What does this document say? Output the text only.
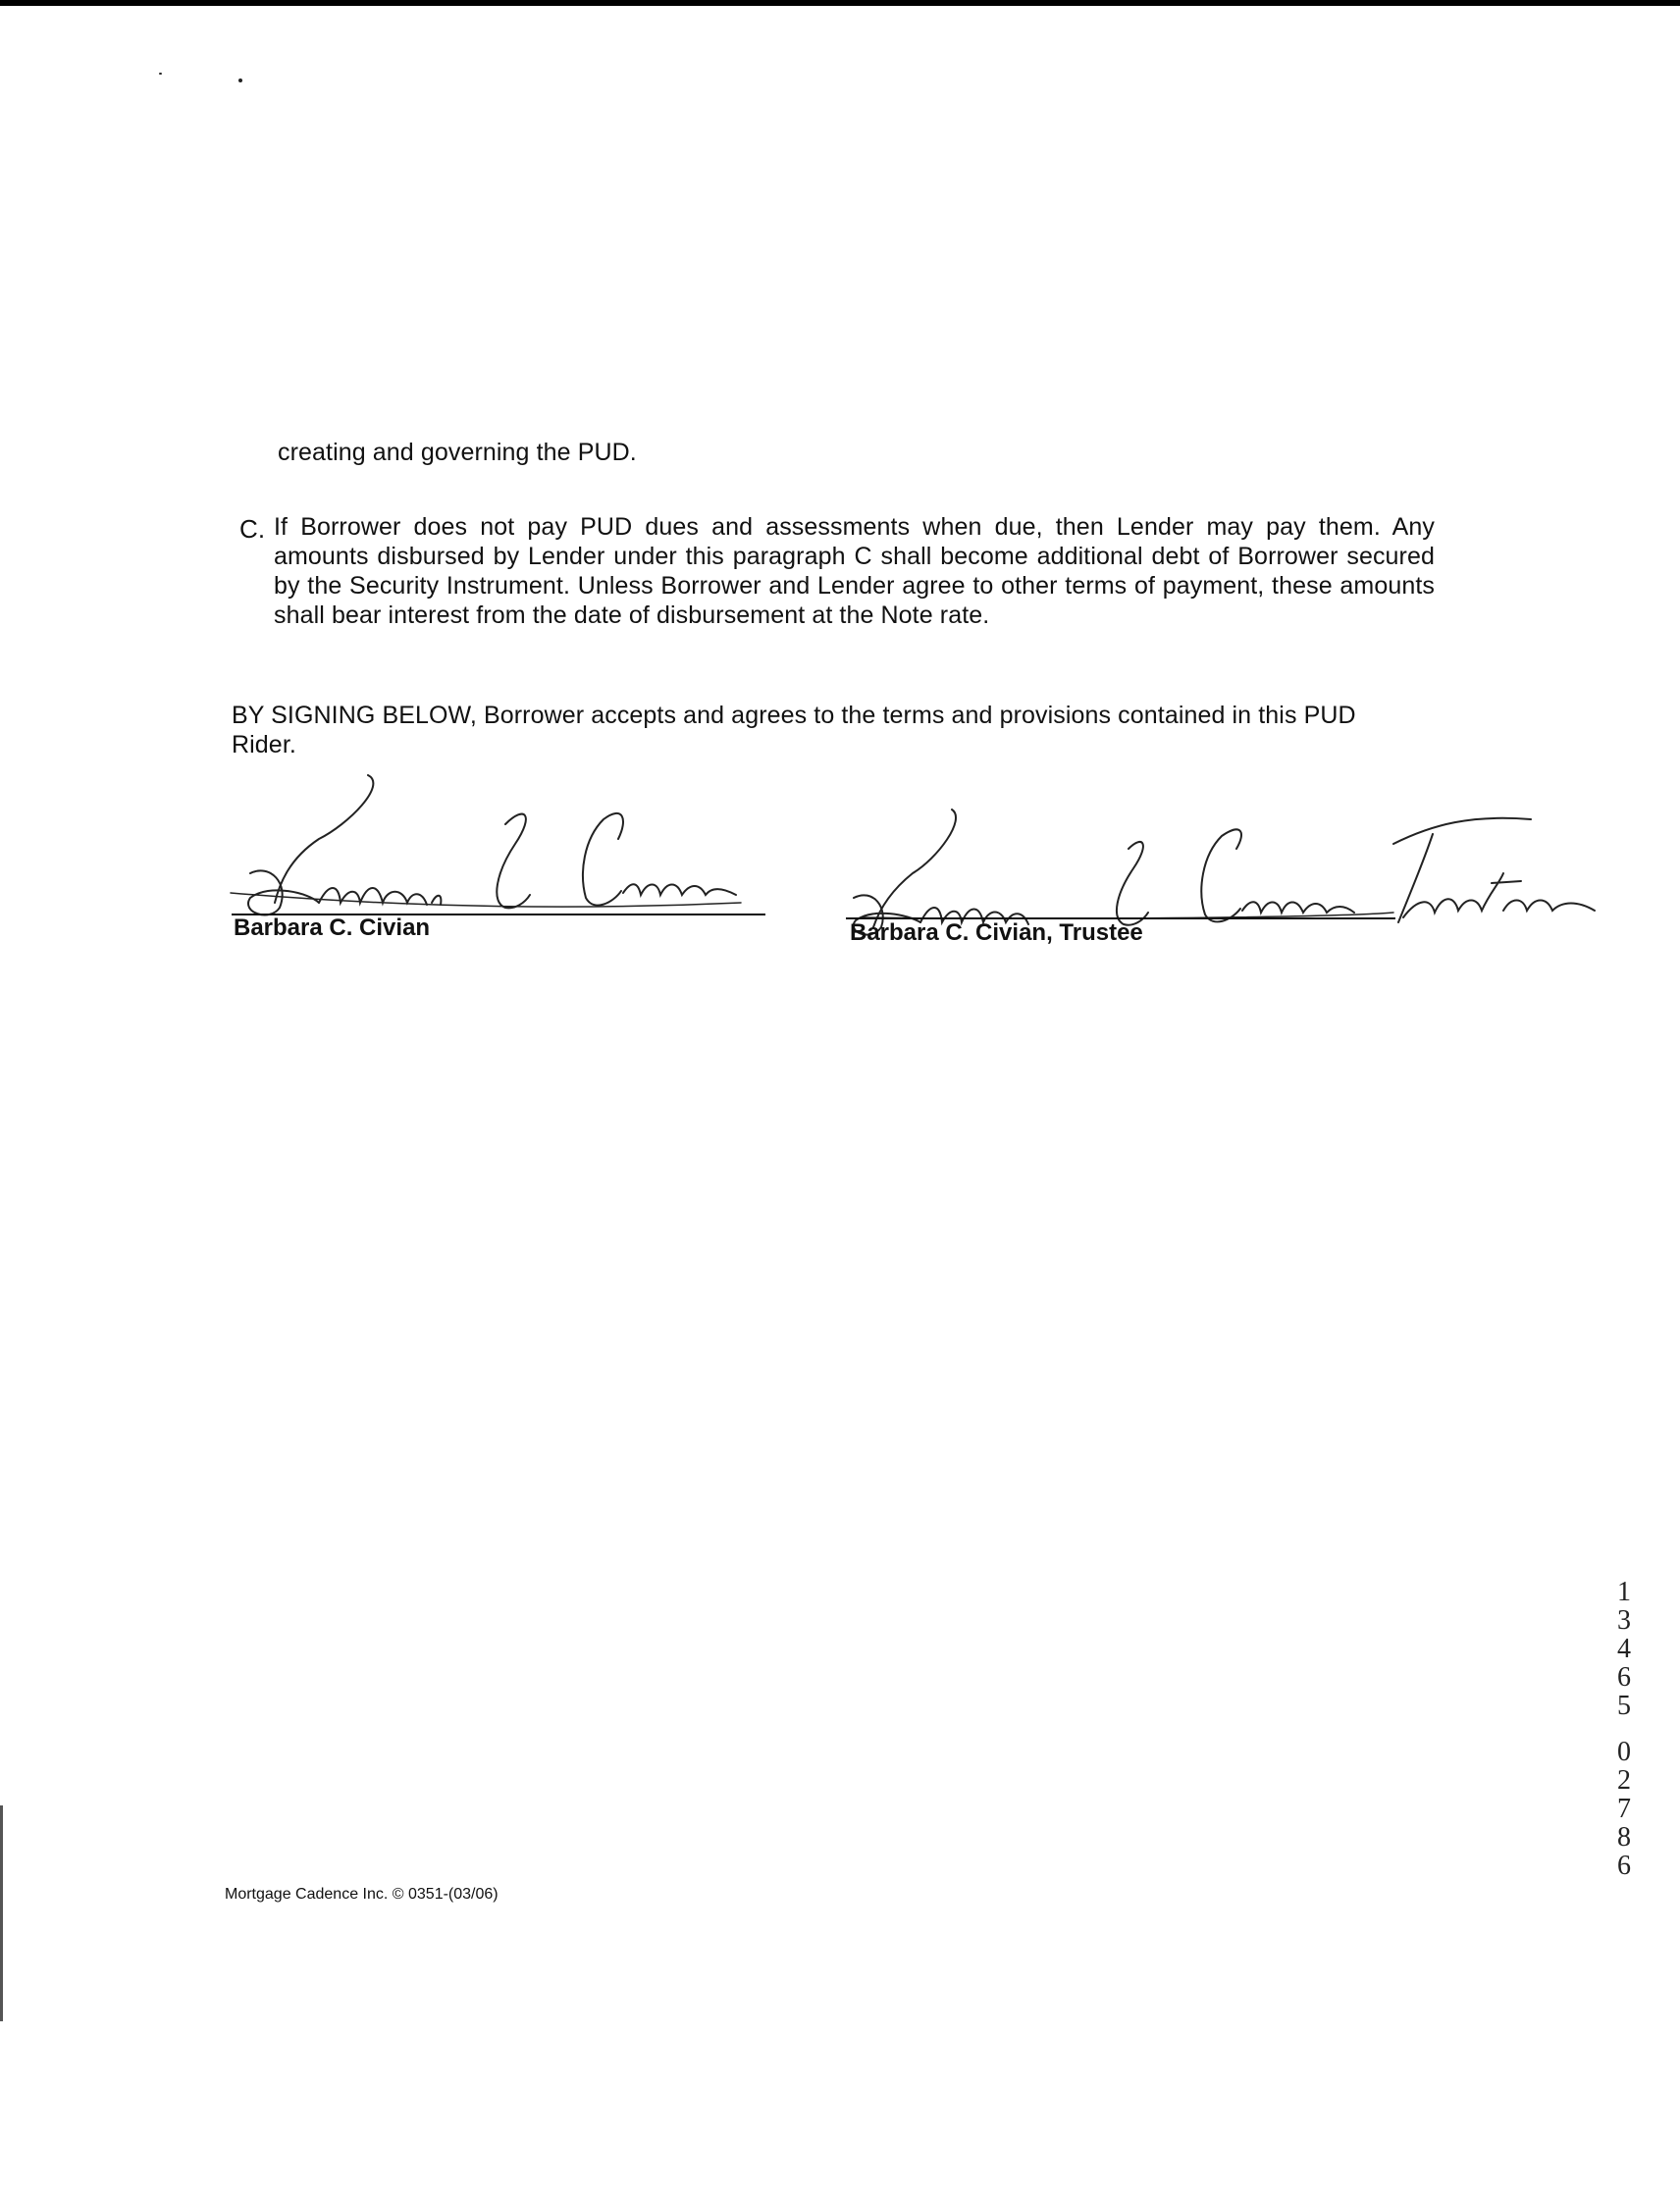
creating and governing the PUD.
C. If Borrower does not pay PUD dues and assessments when due, then Lender may pay them. Any amounts disbursed by Lender under this paragraph C shall become additional debt of Borrower secured by the Security Instrument. Unless Borrower and Lender agree to other terms of payment, these amounts shall bear interest from the date of disbursement at the Note rate.
BY SIGNING BELOW, Borrower accepts and agrees to the terms and provisions contained in this PUD Rider.
Barbara C. Civian	Barbara C. Civian, Trustee
Mortgage Cadence Inc. © 0351-(03/06)
1
3
4
6
5
0
2
7
8
6
